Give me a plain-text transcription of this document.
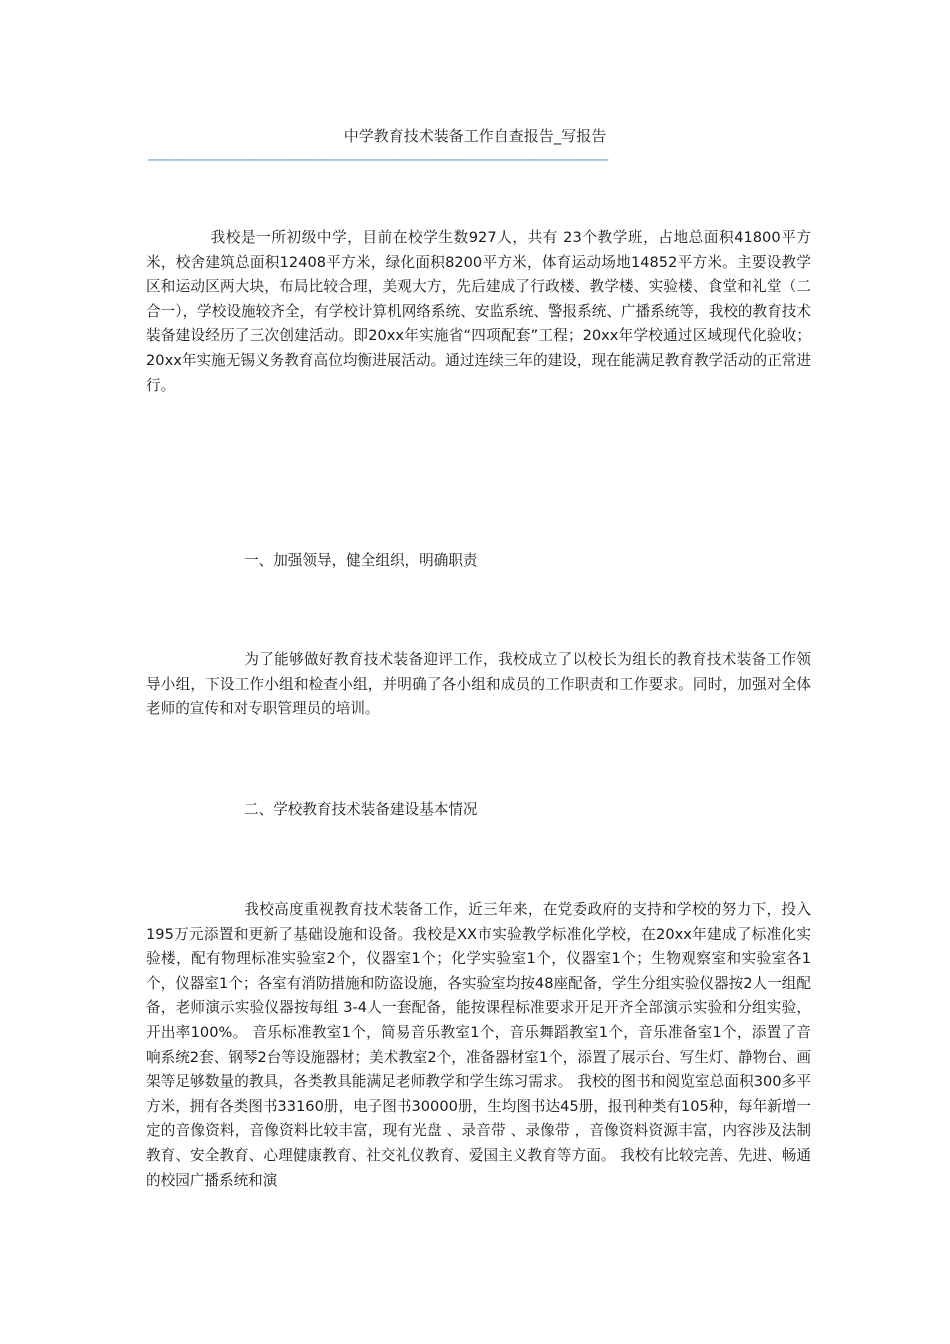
中学教育技术装备工作自查报告_写报告
———————————————————————————————————————————————————

我校是一所初级中学，目前在校学生数927人，共有 23个教学班，占地总面积41800平方米，校舍建筑总面积12408平方米，绿化面积8200平方米，体育运动场地14852平方米。主要设教学区和运动区两大块，布局比较合理，美观大方，先后建成了行政楼、教学楼、实验楼、食堂和礼堂（二合一），学校设施较齐全，有学校计算机网络系统、安监系统、警报系统、广播系统等，我校的教育技术装备建设经历了三次创建活动。即20xx年实施省“四项配套”工程；20xx年学校通过区域现代化验收；20xx年实施无锡义务教育高位均衡进展活动。通过连续三年的建设，现在能满足教育教学活动的正常进行。

一、加强领导，健全组织，明确职责

为了能够做好教育技术装备迎评工作，我校成立了以校长为组长的教育技术装备工作领导小组，下设工作小组和检查小组，并明确了各小组和成员的工作职责和工作要求。同时，加强对全体老师的宣传和对专职管理员的培训。

二、学校教育技术装备建设基本情况

我校高度重视教育技术装备工作，近三年来，在党委政府的支持和学校的努力下，投入195万元添置和更新了基础设施和设备。我校是XX市实验教学标准化学校，在20xx年建成了标准化实验楼，配有物理标准实验室2个，仪器室1个；化学实验室1个，仪器室1个；生物观察室和实验室各1个，仪器室1个；各室有消防措施和防盗设施，各实验室均按48座配备，学生分组实验仪器按2人一组配备，老师演示实验仪器按每组 3-4人一套配备，能按课程标准要求开足开齐全部演示实验和分组实验，开出率100%。 音乐标准教室1个，简易音乐教室1个，音乐舞蹈教室1个，音乐准备室1个，添置了音响系统2套、钢琴2台等设施器材；美术教室2个，准备器材室1个，添置了展示台、写生灯、静物台、画架等足够数量的教具，各类教具能满足老师教学和学生练习需求。 我校的图书和阅览室总面积300多平方米，拥有各类图书33160册，电子图书30000册，生均图书达45册，报刊种类有105种，每年新增一定的音像资料，音像资料比较丰富，现有光盘 、录音带 、录像带 ，音像资料资源丰富，内容涉及法制教育、安全教育、心理健康教育、社交礼仪教育、爱国主义教育等方面。 我校有比较完善、先进、畅通的校园广播系统和演
